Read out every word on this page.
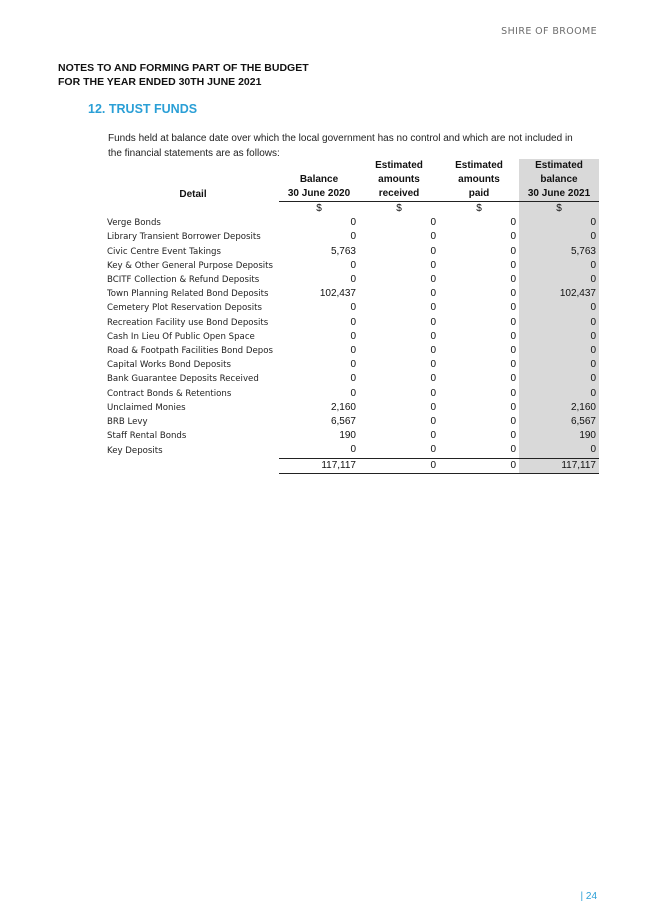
SHIRE OF BROOME
NOTES TO AND FORMING PART OF THE BUDGET
FOR THE YEAR ENDED 30TH JUNE 2021
12. TRUST FUNDS
Funds held at balance date over which the local government has no control and which are not included in the financial statements are as follows:
		Estimated	Estimated	Estimated
	Balance	amounts	amounts	balance
Detail	30 June 2020	received	paid	30 June 2021
	$	$	$	$
Verge Bonds	0	0	0	0
Library Transient Borrower Deposits	0	0	0	0
Civic Centre Event Takings	5,763	0	0	5,763
Key & Other General Purpose Deposits	0	0	0	0
BCITF Collection & Refund Deposits	0	0	0	0
Town Planning Related Bond Deposits	102,437	0	0	102,437
Cemetery Plot Reservation Deposits	0	0	0	0
Recreation Facility use Bond Deposits	0	0	0	0
Cash In Lieu Of Public Open Space	0	0	0	0
Road & Footpath Facilities Bond Depos	0	0	0	0
Capital Works Bond Deposits	0	0	0	0
Bank Guarantee Deposits Received	0	0	0	0
Contract Bonds & Retentions	0	0	0	0
Unclaimed Monies	2,160	0	0	2,160
BRB Levy	6,567	0	0	6,567
Staff Rental Bonds	190	0	0	190
Key Deposits	0	0	0	0
	117,117	0	0	117,117
| 24
